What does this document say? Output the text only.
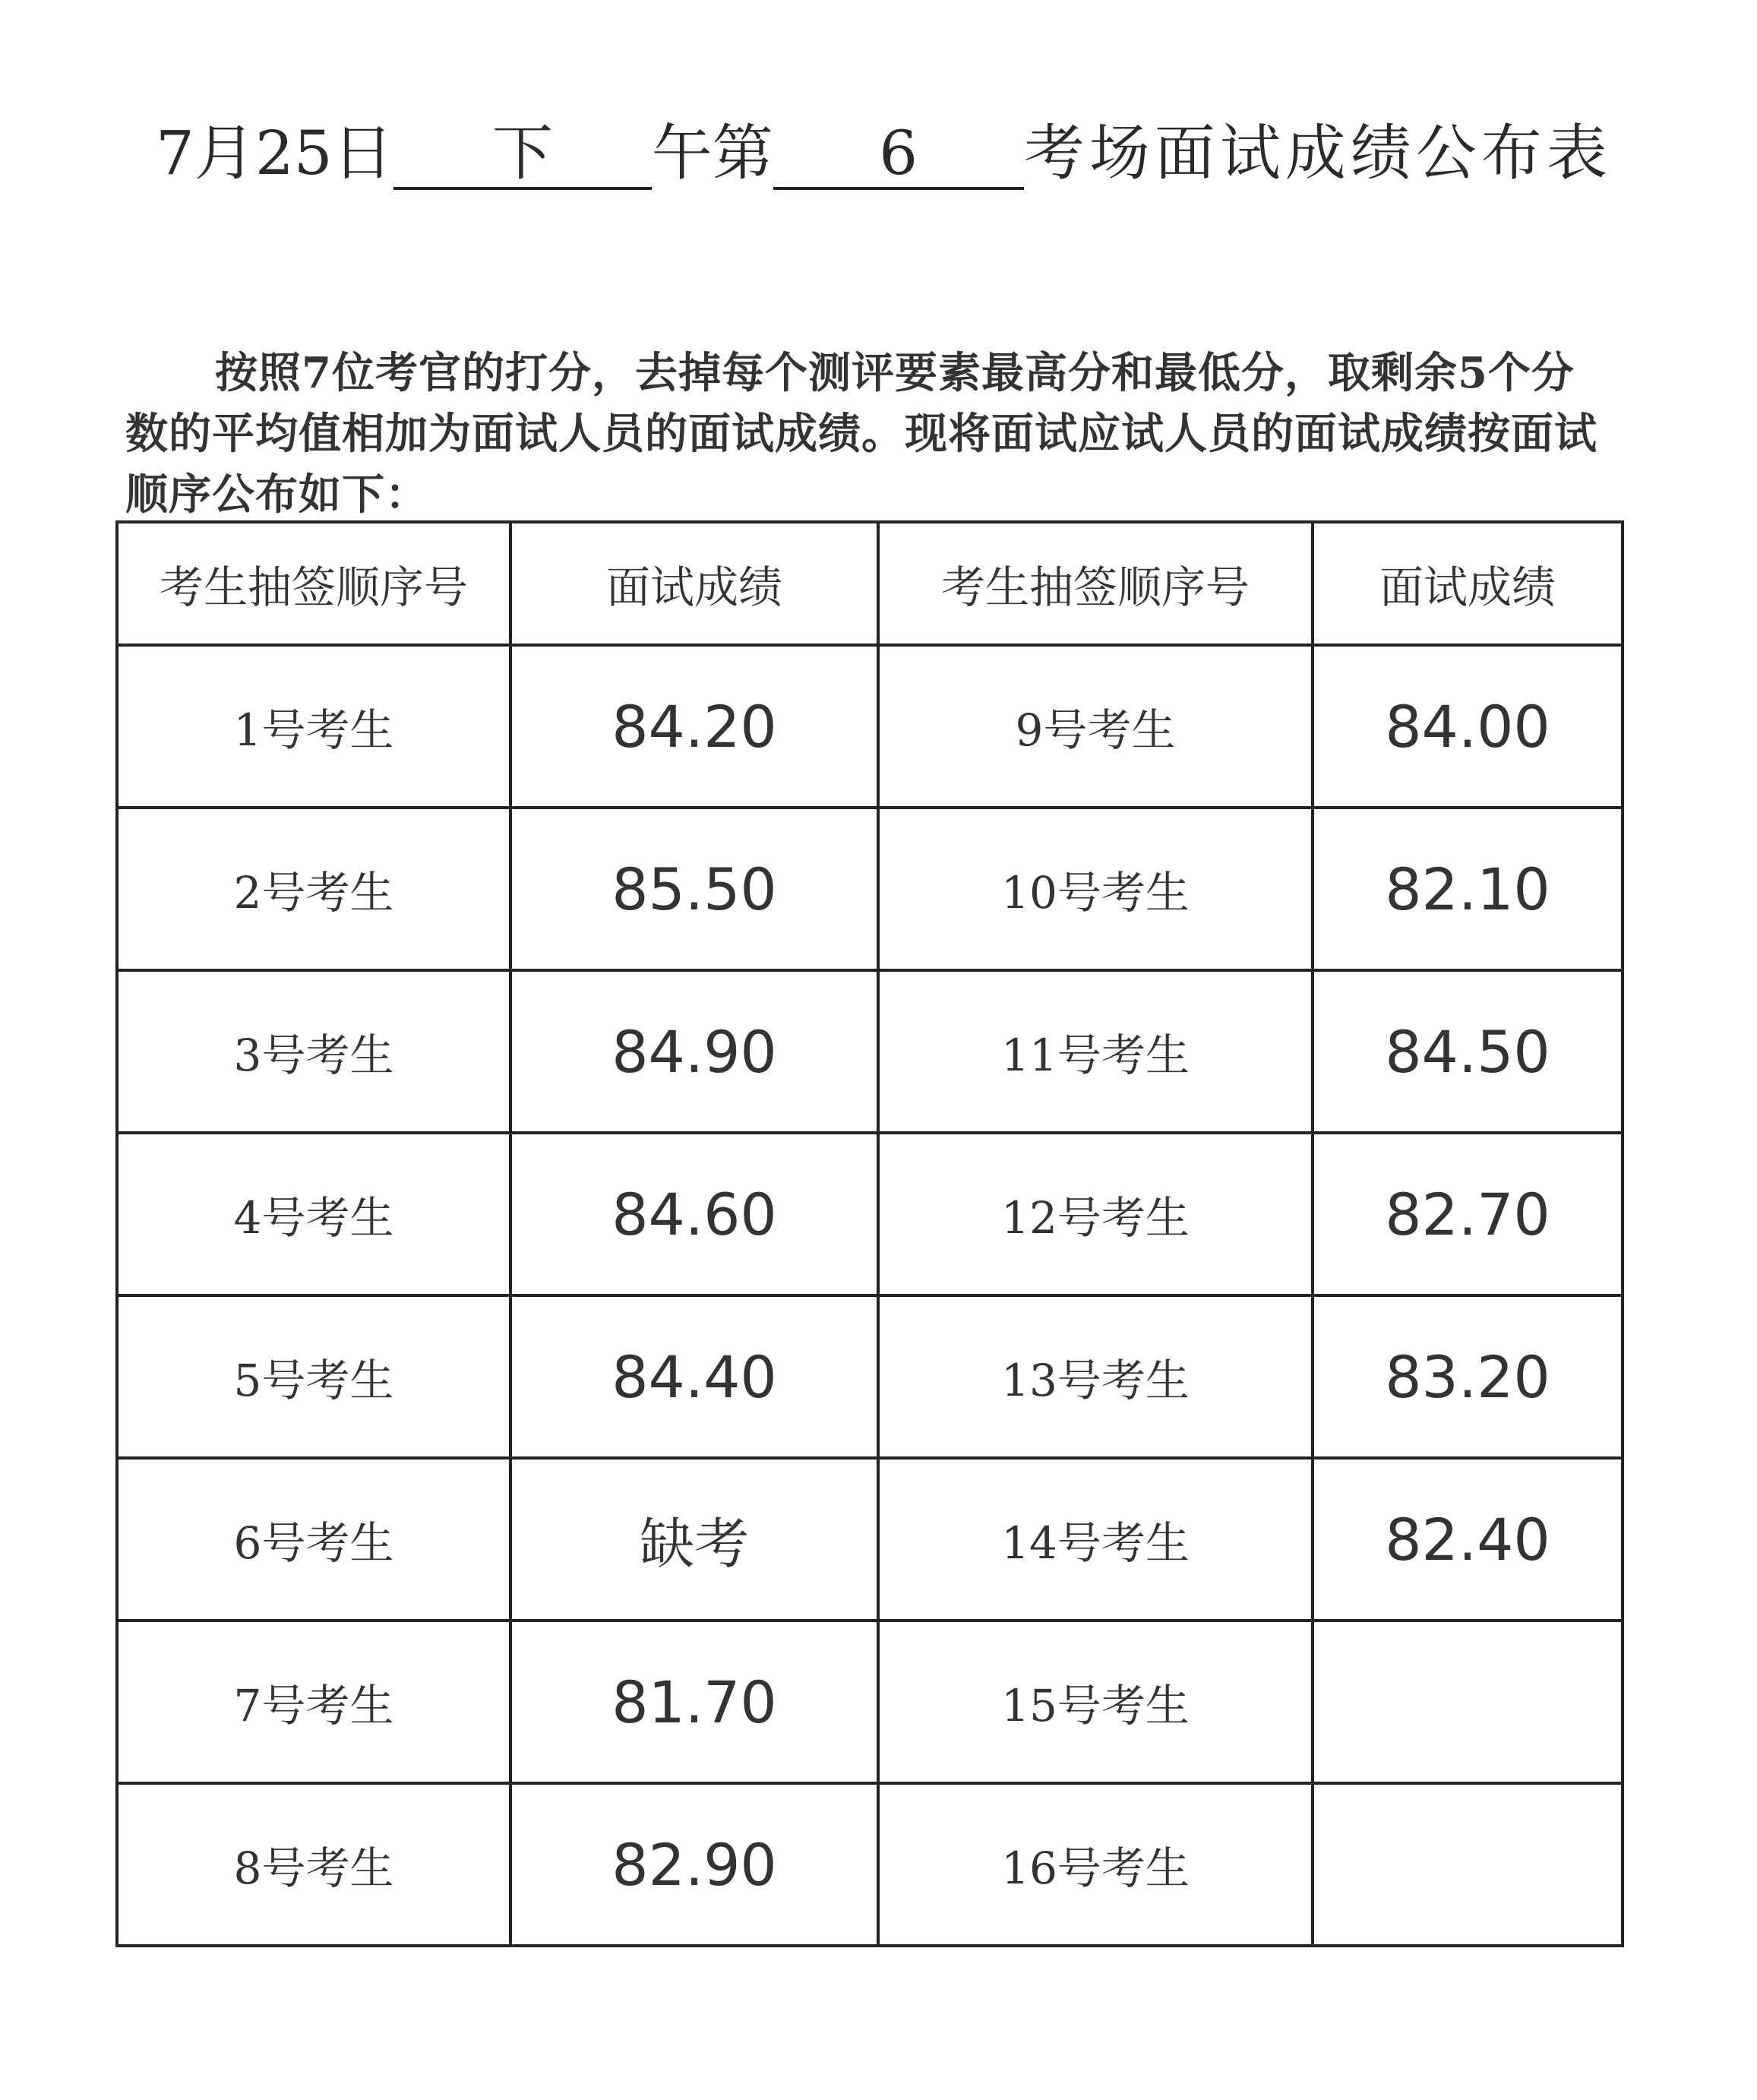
7月25日	下	午第	6	考场面试成绩公布表

按照7位考官的打分，去掉每个测评要素最高分和最低分，取剩余5个分数的平均值相加为面试人员的面试成绩。现将面试应试人员的面试成绩按面试顺序公布如下：

考生抽签顺序号	面试成绩	考生抽签顺序号	面试成绩
1号考生	84.20	9号考生	84.00
2号考生	85.50	10号考生	82.10
3号考生	84.90	11号考生	84.50
4号考生	84.60	12号考生	82.70
5号考生	84.40	13号考生	83.20
6号考生	缺考	14号考生	82.40
7号考生	81.70	15号考生	
8号考生	82.90	16号考生	
